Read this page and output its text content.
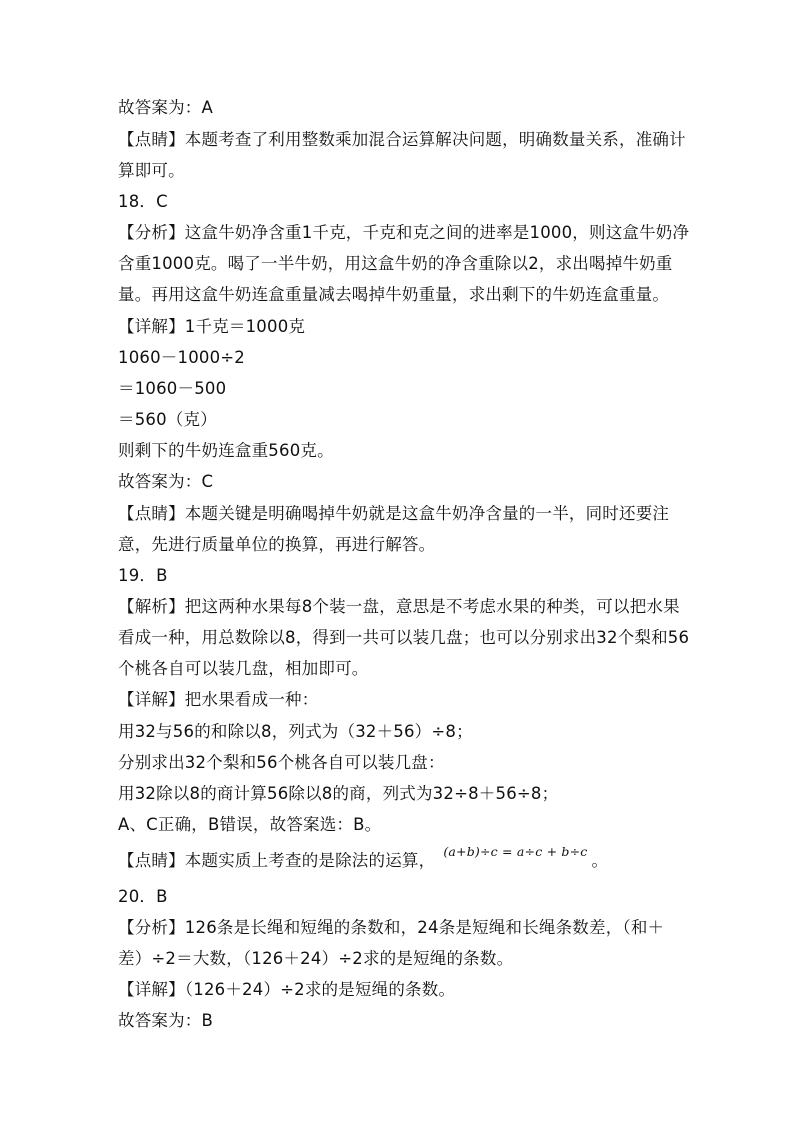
故答案为：A
【点睛】本题考查了利用整数乘加混合运算解决问题，明确数量关系，准确计
算即可。
18．C
【分析】这盒牛奶净含重1千克，千克和克之间的进率是1000，则这盒牛奶净
含重1000克。喝了一半牛奶，用这盒牛奶的净含重除以2，求出喝掉牛奶重
量。再用这盒牛奶连盒重量减去喝掉牛奶重量，求出剩下的牛奶连盒重量。
【详解】1千克＝1000克
1060－1000÷2
＝1060－500
＝560（克）
则剩下的牛奶连盒重560克。
故答案为：C
【点睛】本题关键是明确喝掉牛奶就是这盒牛奶净含量的一半，同时还要注
意，先进行质量单位的换算，再进行解答。
19．B
【解析】把这两种水果每8个装一盘，意思是不考虑水果的种类，可以把水果
看成一种，用总数除以8，得到一共可以装几盘；也可以分别求出32个梨和56
个桃各自可以装几盘，相加即可。
【详解】把水果看成一种：
用32与56的和除以8，列式为（32＋56）÷8；
分别求出32个梨和56个桃各自可以装几盘：
用32除以8的商计算56除以8的商，列式为32÷8＋56÷8；
A、C正确，B错误，故答案选：B。
【点睛】本题实质上考查的是除法的运算， (a+b)÷c = a÷c + b÷c 。
20．B
【分析】126条是长绳和短绳的条数和，24条是短绳和长绳条数差，（和＋
差）÷2＝大数，（126＋24）÷2求的是短绳的条数。
【详解】（126＋24）÷2求的是短绳的条数。
故答案为：B
